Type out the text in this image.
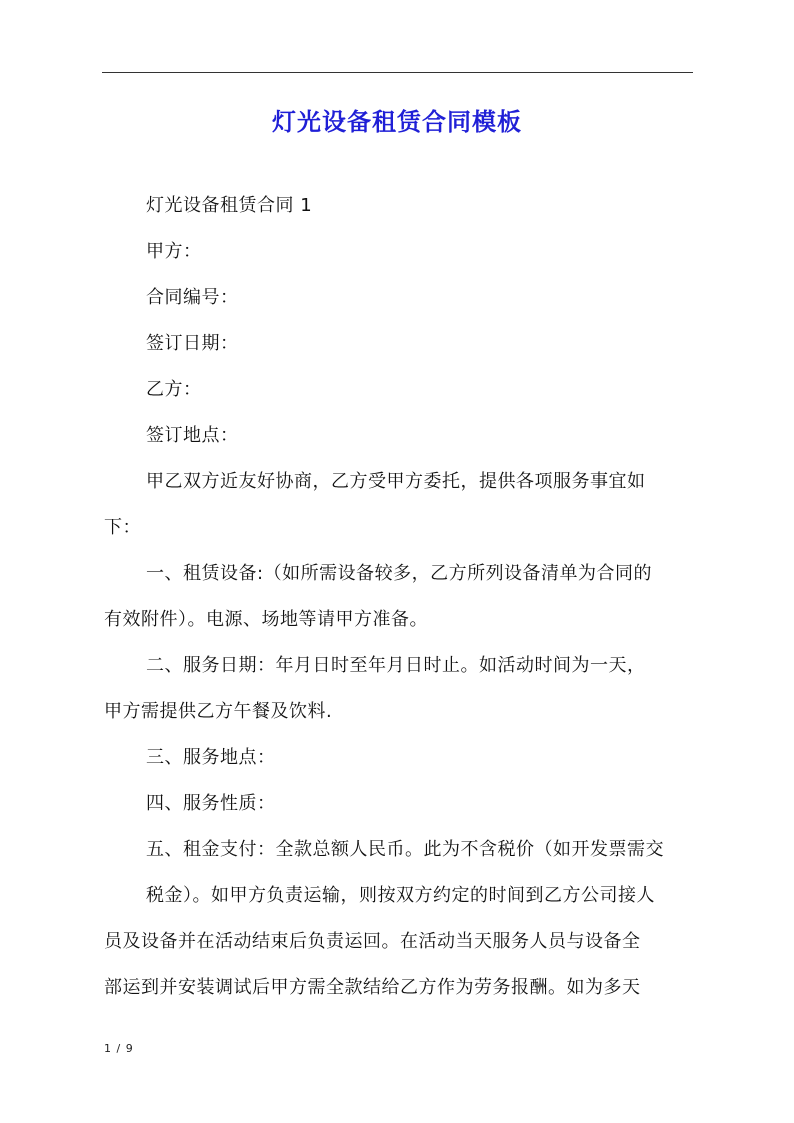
灯光设备租赁合同模板
灯光设备租赁合同 1
甲方：
合同编号：
签订日期：
乙方：
签订地点：
甲乙双方近友好协商，乙方受甲方委托，提供各项服务事宜如
下：
一、租赁设备:（如所需设备较多，乙方所列设备清单为合同的
有效附件）。电源、场地等请甲方准备。
二、服务日期：年月日时至年月日时止。如活动时间为一天，
甲方需提供乙方午餐及饮料.
三、服务地点：
四、服务性质：
五、租金支付：全款总额人民币。此为不含税价（如开发票需交
税金）。如甲方负责运输，则按双方约定的时间到乙方公司接人
员及设备并在活动结束后负责运回。在活动当天服务人员与设备全
部运到并安装调试后甲方需全款结给乙方作为劳务报酬。如为多天
1 / 9
